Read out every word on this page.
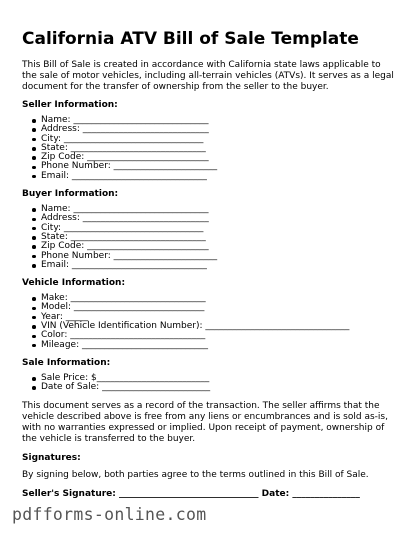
California ATV Bill of Sale Template

This Bill of Sale is created in accordance with California state laws applicable to the sale of motor vehicles, including all-terrain vehicles (ATVs). It serves as a legal document for the transfer of ownership from the seller to the buyer.

Seller Information:
Name: ______________________________
Address: ____________________________
City: _______________________________
State: ______________________________
Zip Code: ___________________________
Phone Number: _______________________
Email: ______________________________
Buyer Information:
Name: ______________________________
Address: ____________________________
City: _______________________________
State: ______________________________
Zip Code: ___________________________
Phone Number: _______________________
Email: ______________________________
Vehicle Information:
Make: ______________________________
Model: _____________________________
Year: _____
VIN (Vehicle Identification Number): ________________________________
Color: ______________________________
Mileage: ____________________________
Sale Information:
Sale Price: $_________________________
Date of Sale: ________________________

This document serves as a record of the transaction. The seller affirms that the vehicle described above is free from any liens or encumbrances and is sold as-is, with no warranties expressed or implied. Upon receipt of payment, ownership of the vehicle is transferred to the buyer.

Signatures:

By signing below, both parties agree to the terms outlined in this Bill of Sale.

Seller's Signature: _______________________________ Date: _______________

pdfforms-online.com
